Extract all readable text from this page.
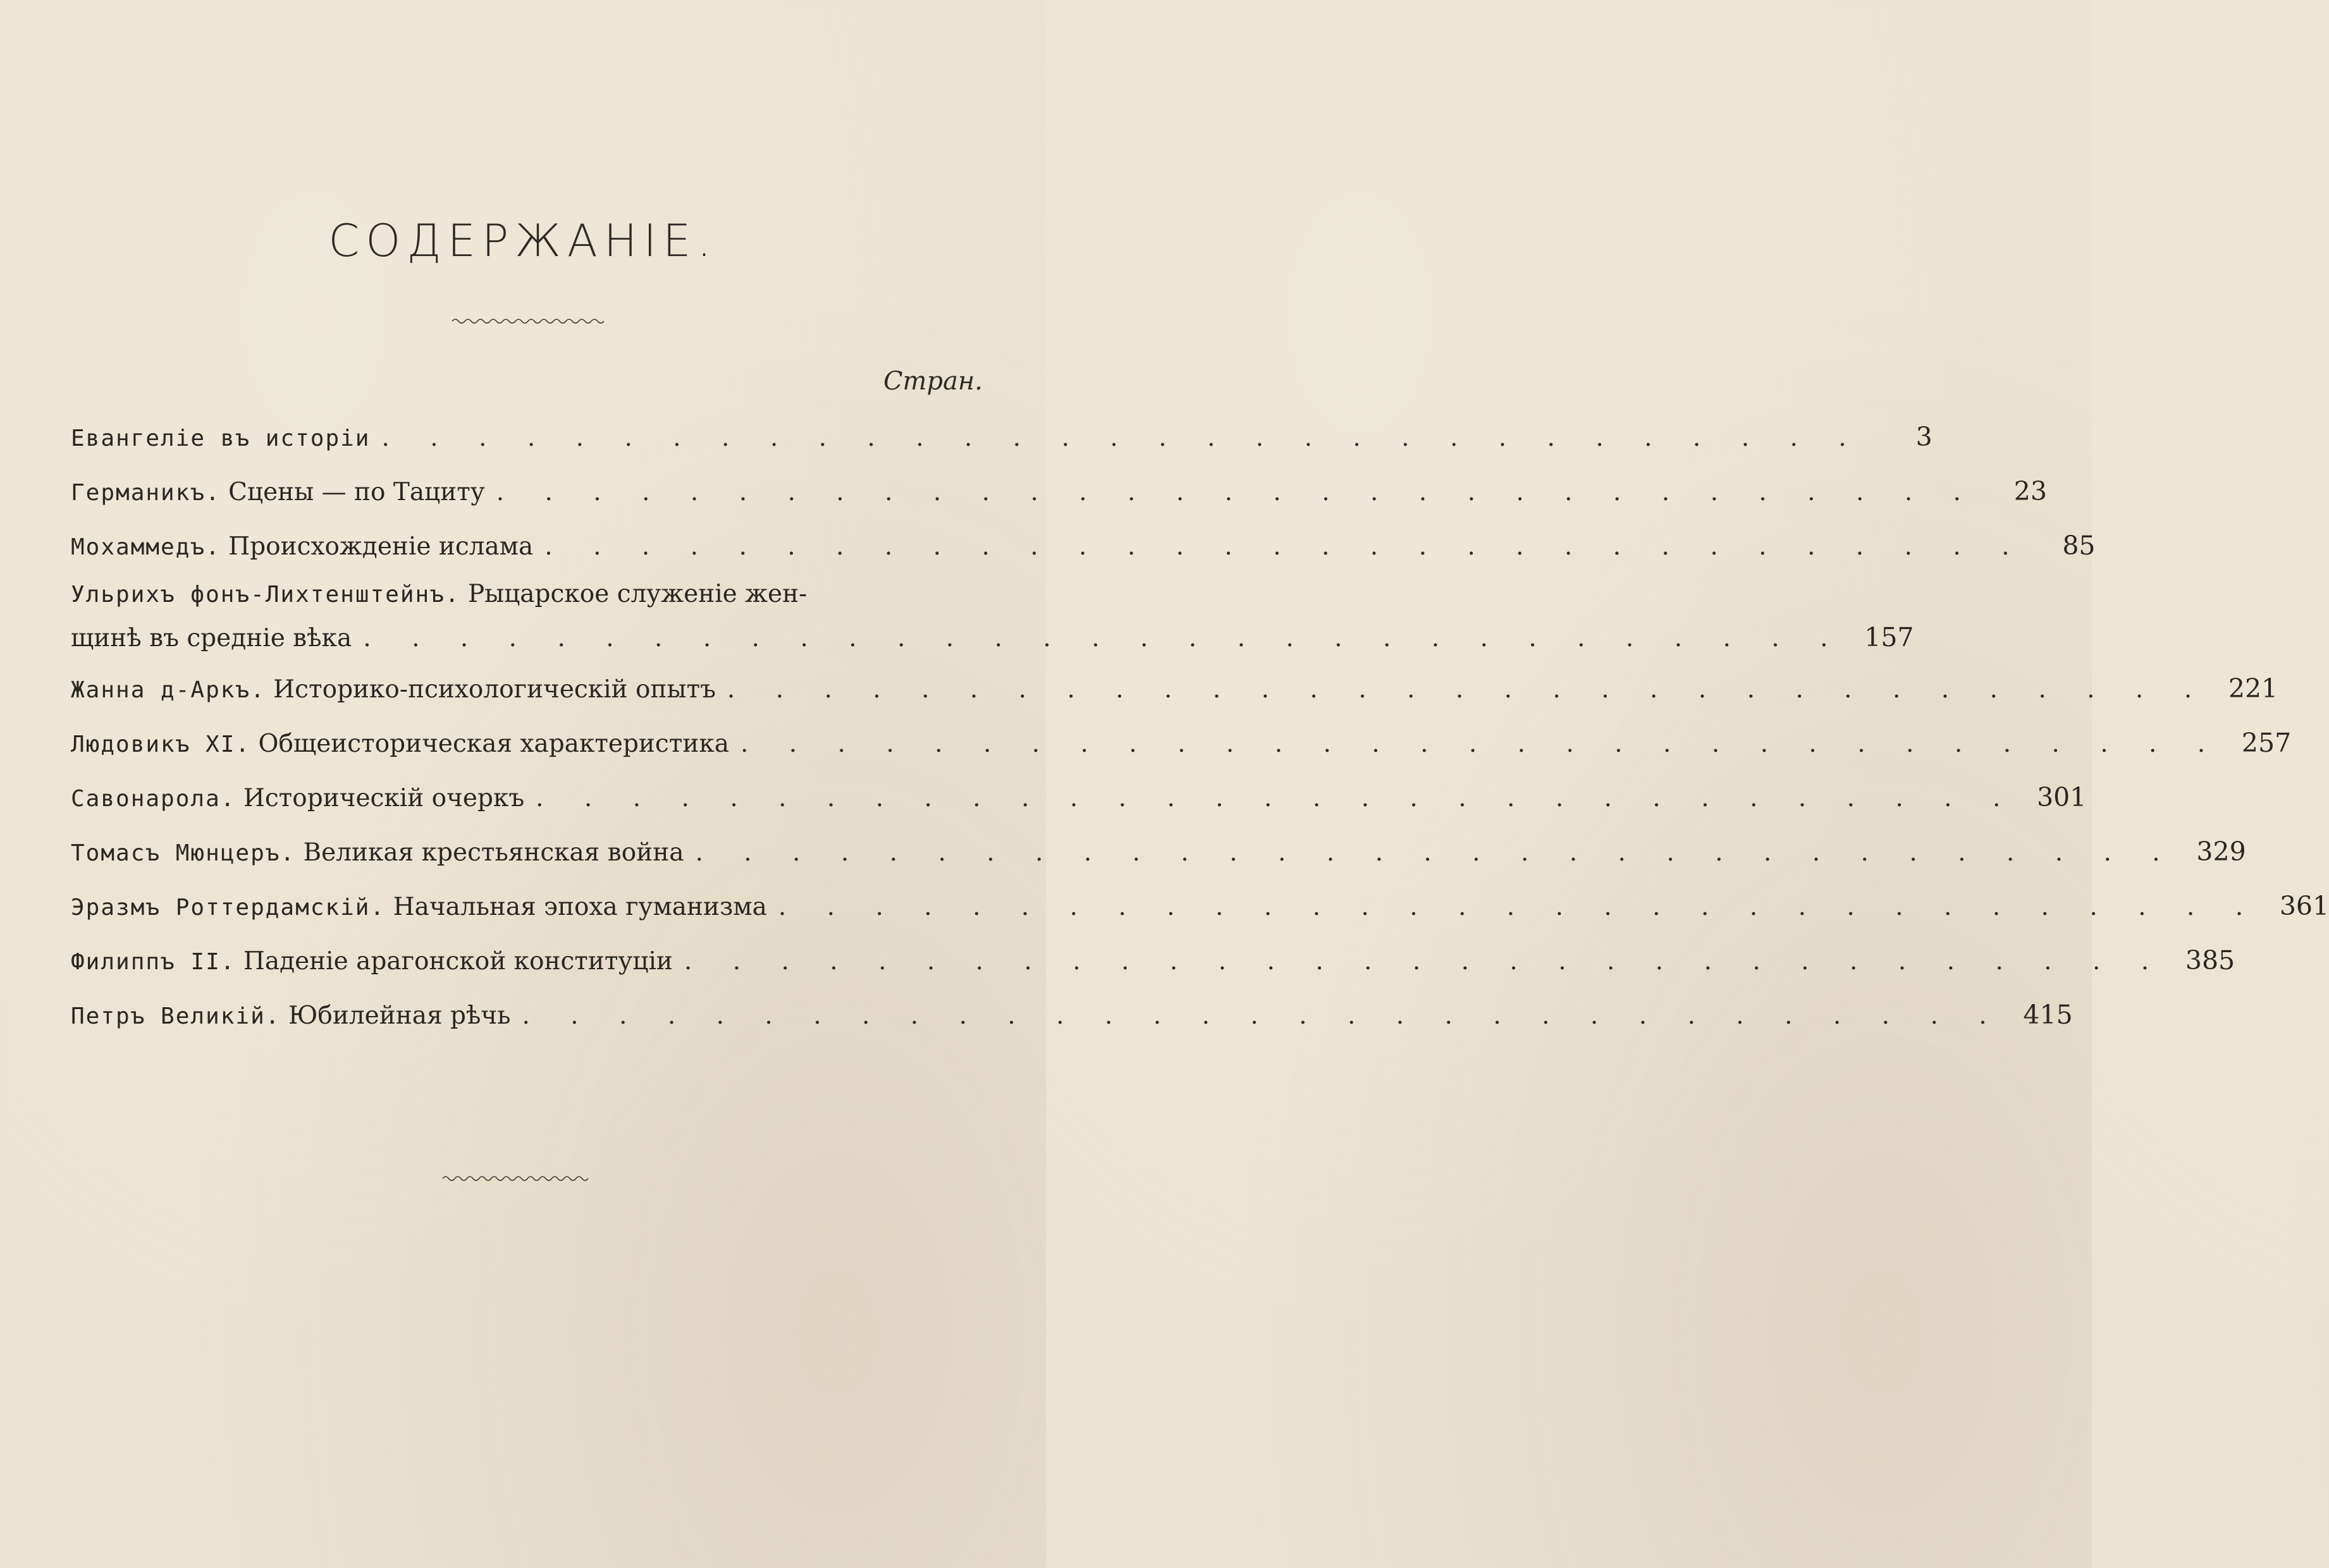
СОДЕРЖАНІЕ.
Стран.
Евангеліе въ исторіи . . . . . . . . . . . . . . . . . . . . . . . . . . . . . . .	3
Германикъ. Сцены — по Тациту . . . . . . . . . . . . . . . . . . . . . . . . . . . . . . .	23
Мохаммедъ. Происхожденіе ислама . . . . . . . . . . . . . . . . . . . . . . . . . . . . . . .	85
Ульрихъ фонъ-Лихтенштейнъ. Рыцарское служеніе жен-
щинѣ въ средніе вѣка . . . . . . . . . . . . . . . . . . . . . . . . . . . . . . . 157
Жанна д-Аркъ. Историко-психологическій опытъ . . . . . . . . . . . . . . . . . . . . . . . . . . . . . . . 221
Людовикъ XI. Общеисторическая характеристика . . . . . . . . . . . . . . . . . . . . . . . . . . . . . . . 257
Савонарола. Историческій очеркъ . . . . . . . . . . . . . . . . . . . . . . . . . . . . . . . 301
Томасъ Мюнцеръ. Великая крестьянская война . . . . . . . . . . . . . . . . . . . . . . . . . . . . . . . 329
Эразмъ Роттердамскій. Начальная эпоха гуманизма . . . . . . . . . . . . . . . . . . . . . . . . . . . . . . . 361
Филиппъ II. Паденіе арагонской конституціи . . . . . . . . . . . . . . . . . . . . . . . . . . . . . . . 385
Петръ Великій. Юбилейная рѣчь . . . . . . . . . . . . . . . . . . . . . . . . . . . . . . . 415
